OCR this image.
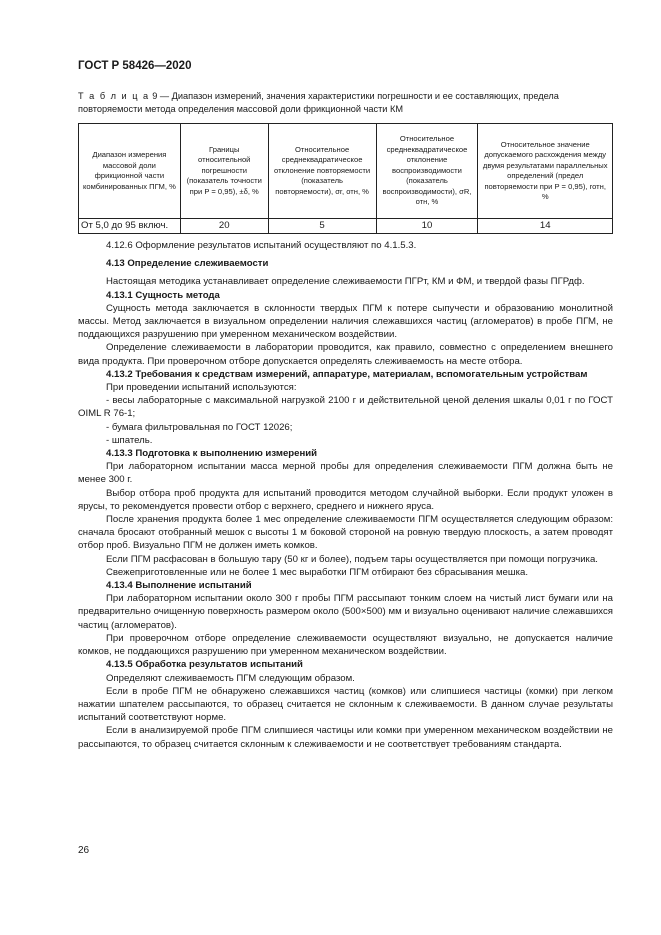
ГОСТ Р 58426—2020
Т а б л и ц а 9 — Диапазон измерений, значения характеристики погрешности и ее составляющих, предела повторяемости метода определения массовой доли фрикционной части КМ
Диапазон измерения массовой доли фрикционной части комбинированных ПГМ, %	Границы относительной погрешности (показатель точности при P = 0,95), ±δ, %	Относительное среднеквадратическое отклонение повторяемости (показатель повторяемости), σr, отн, %	Относительное среднеквадратическое отклонение воспроизводимости (показатель воспроизводимости), σR, отн, %	Относительное значение допускаемого расхождения между двумя результатами параллельных определений (предел повторяемости при P = 0,95), rотн, %
От 5,0 до 95 включ.	20	5	10	14

4.12.6 Оформление результатов испытаний осуществляют по 4.1.5.3.

4.13 Определение слеживаемости

Настоящая методика устанавливает определение слеживаемости ПГРт, КМ и ФМ, и твердой фазы ПГРдф.

4.13.1 Сущность метода

Сущность метода заключается в склонности твердых ПГМ к потере сыпучести и образованию монолитной массы. Метод заключается в визуальном определении наличия слежавшихся частиц (агломератов) в пробе ПГМ, не поддающихся разрушению при умеренном механическом воздействии.

Определение слеживаемости в лаборатории проводится, как правило, совместно с определением внешнего вида продукта. При проверочном отборе допускается определять слеживаемость на месте отбора.

4.13.2 Требования к средствам измерений, аппаратуре, материалам, вспомогательным устройствам

При проведении испытаний используются:

- весы лабораторные с максимальной нагрузкой 2100 г и действительной ценой деления шкалы 0,01 г по ГОСТ OIML R 76-1;

- бумага фильтровальная по ГОСТ 12026;

- шпатель.

4.13.3 Подготовка к выполнению измерений

При лабораторном испытании масса мерной пробы для определения слеживаемости ПГМ должна быть не менее 300 г.

Выбор отбора проб продукта для испытаний проводится методом случайной выборки. Если продукт уложен в ярусы, то рекомендуется провести отбор с верхнего, среднего и нижнего яруса.

После хранения продукта более 1 мес определение слеживаемости ПГМ осуществляется следующим образом: сначала бросают отобранный мешок с высоты 1 м боковой стороной на ровную твердую плоскость, а затем проводят отбор проб. Визуально ПГМ не должен иметь комков.

Если ПГМ расфасован в большую тару (50 кг и более), подъем тары осуществляется при помощи погрузчика.

Свежеприготовленные или не более 1 мес выработки ПГМ отбирают без сбрасывания мешка.

4.13.4 Выполнение испытаний

При лабораторном испытании около 300 г пробы ПГМ рассыпают тонким слоем на чистый лист бумаги или на предварительно очищенную поверхность размером около (500×500) мм и визуально оценивают наличие слежавшихся частиц (агломератов).

При проверочном отборе определение слеживаемости осуществляют визуально, не допускается наличие комков, не поддающихся разрушению при умеренном механическом воздействии.

4.13.5 Обработка результатов испытаний

Определяют слеживаемость ПГМ следующим образом.

Если в пробе ПГМ не обнаружено слежавшихся частиц (комков) или слипшиеся частицы (комки) при легком нажатии шпателем рассыпаются, то образец считается не склонным к слеживаемости. В данном случае результаты испытаний соответствуют норме.

Если в анализируемой пробе ПГМ слипшиеся частицы или комки при умеренном механическом воздействии не рассыпаются, то образец считается склонным к слеживаемости и не соответствует требованиям стандарта.

26
